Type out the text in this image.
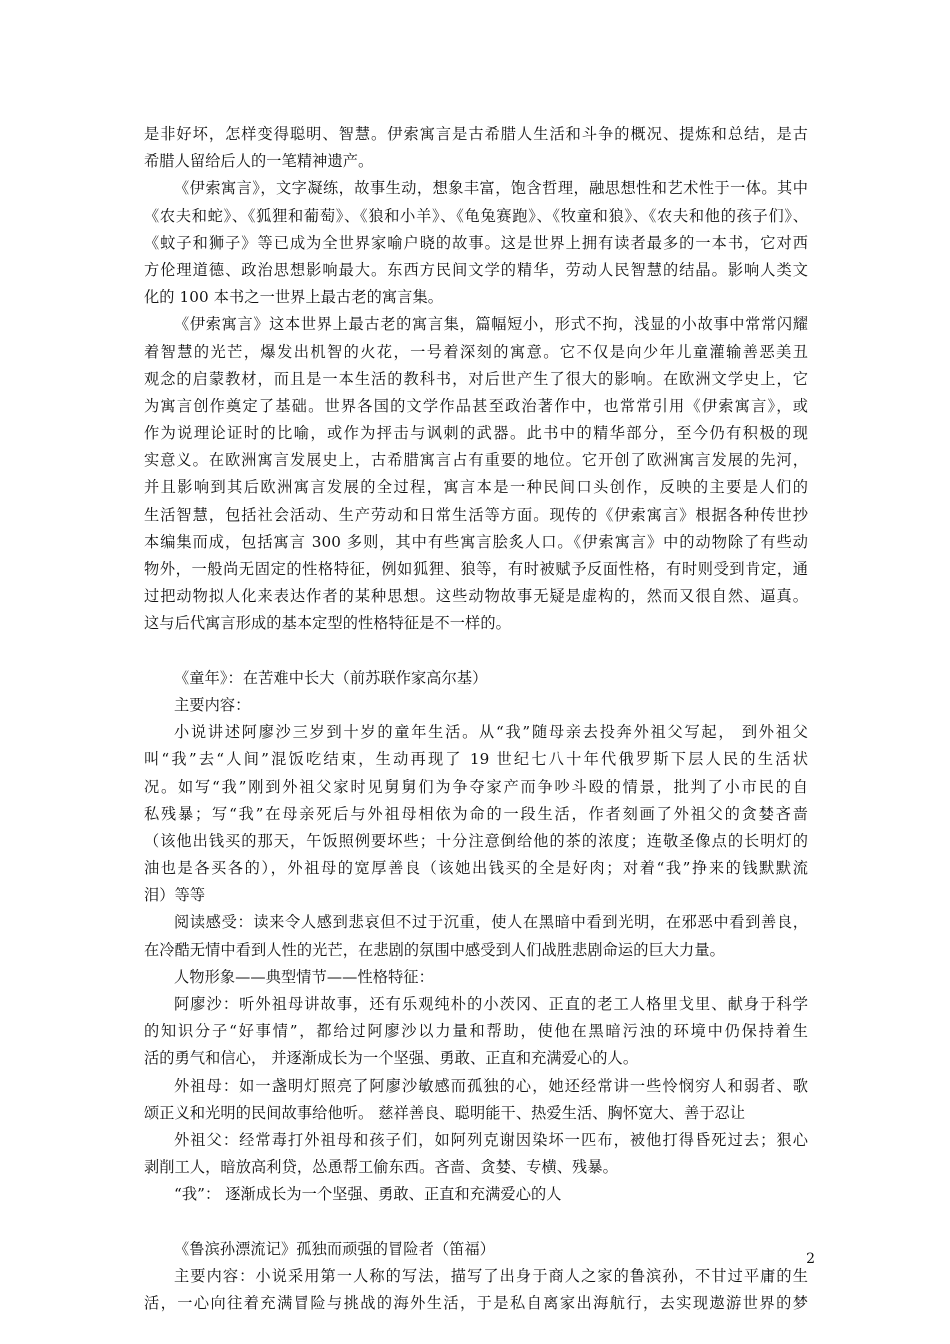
是非好坏，怎样变得聪明、智慧。伊索寓言是古希腊人生活和斗争的概况、提炼和总结，是古
希腊人留给后人的一笔精神遗产。
《伊索寓言》，文字凝练，故事生动，想象丰富，饱含哲理，融思想性和艺术性于一体。其中
《农夫和蛇》、《狐狸和葡萄》、《狼和小羊》、《龟兔赛跑》、《牧童和狼》、《农夫和他的孩子们》、
《蚊子和狮子》等已成为全世界家喻户晓的故事。这是世界上拥有读者最多的一本书，它对西
方伦理道德、政治思想影响最大。东西方民间文学的精华，劳动人民智慧的结晶。影响人类文
化的 100 本书之一世界上最古老的寓言集。
《伊索寓言》这本世界上最古老的寓言集，篇幅短小，形式不拘，浅显的小故事中常常闪耀
着智慧的光芒，爆发出机智的火花，一号着深刻的寓意。它不仅是向少年儿童灌输善恶美丑
观念的启蒙教材，而且是一本生活的教科书，对后世产生了很大的影响。在欧洲文学史上，它
为寓言创作奠定了基础。世界各国的文学作品甚至政治著作中，也常常引用《伊索寓言》，或
作为说理论证时的比喻，或作为抨击与讽刺的武器。此书中的精华部分，至今仍有积极的现
实意义。在欧洲寓言发展史上，古希腊寓言占有重要的地位。它开创了欧洲寓言发展的先河，
并且影响到其后欧洲寓言发展的全过程，寓言本是一种民间口头创作，反映的主要是人们的
生活智慧，包括社会活动、生产劳动和日常生活等方面。现传的《伊索寓言》根据各种传世抄
本编集而成，包括寓言 300 多则，其中有些寓言脍炙人口。《伊索寓言》中的动物除了有些动
物外，一般尚无固定的性格特征，例如狐狸、狼等，有时被赋予反面性格，有时则受到肯定，通
过把动物拟人化来表达作者的某种思想。这些动物故事无疑是虚构的，然而又很自然、逼真。
这与后代寓言形成的基本定型的性格特征是不一样的。
《童年》：在苦难中长大（前苏联作家高尔基）
主要内容：
小说讲述阿廖沙三岁到十岁的童年生活。从“我”随母亲去投奔外祖父写起， 到外祖父
叫“我”去“人间”混饭吃结束，生动再现了 19 世纪七八十年代俄罗斯下层人民的生活状
况。如写“我”刚到外祖父家时见舅舅们为争夺家产而争吵斗殴的情景，批判了小市民的自
私残暴；写“我”在母亲死后与外祖母相依为命的一段生活，作者刻画了外祖父的贪婪吝啬
（该他出钱买的那天，午饭照例要坏些；十分注意倒给他的茶的浓度；连敬圣像点的长明灯的
油也是各买各的），外祖母的宽厚善良（该她出钱买的全是好肉；对着“我”挣来的钱默默流
泪）等等
阅读感受：读来令人感到悲哀但不过于沉重，使人在黑暗中看到光明，在邪恶中看到善良，
在冷酷无情中看到人性的光芒，在悲剧的氛围中感受到人们战胜悲剧命运的巨大力量。
人物形象——典型情节——性格特征：
阿廖沙：听外祖母讲故事，还有乐观纯朴的小茨冈、正直的老工人格里戈里、献身于科学
的知识分子“好事情”，都给过阿廖沙以力量和帮助，使他在黑暗污浊的环境中仍保持着生
活的勇气和信心， 并逐渐成长为一个坚强、勇敢、正直和充满爱心的人。
外祖母：如一盏明灯照亮了阿廖沙敏感而孤独的心，她还经常讲一些怜悯穷人和弱者、歌
颂正义和光明的民间故事给他听。 慈祥善良、聪明能干、热爱生活、胸怀宽大、善于忍让
外祖父：经常毒打外祖母和孩子们，如阿列克谢因染坏一匹布，被他打得昏死过去；狠心
剥削工人，暗放高利贷，怂恿帮工偷东西。吝啬、贪婪、专横、残暴。
“我”： 逐渐成长为一个坚强、勇敢、正直和充满爱心的人
《鲁滨孙漂流记》孤独而顽强的冒险者（笛福）
主要内容：小说采用第一人称的写法，描写了出身于商人之家的鲁滨孙，不甘过平庸的生
活，一心向往着充满冒险与挑战的海外生活，于是私自离家出海航行，去实现遨游世界的梦
2
